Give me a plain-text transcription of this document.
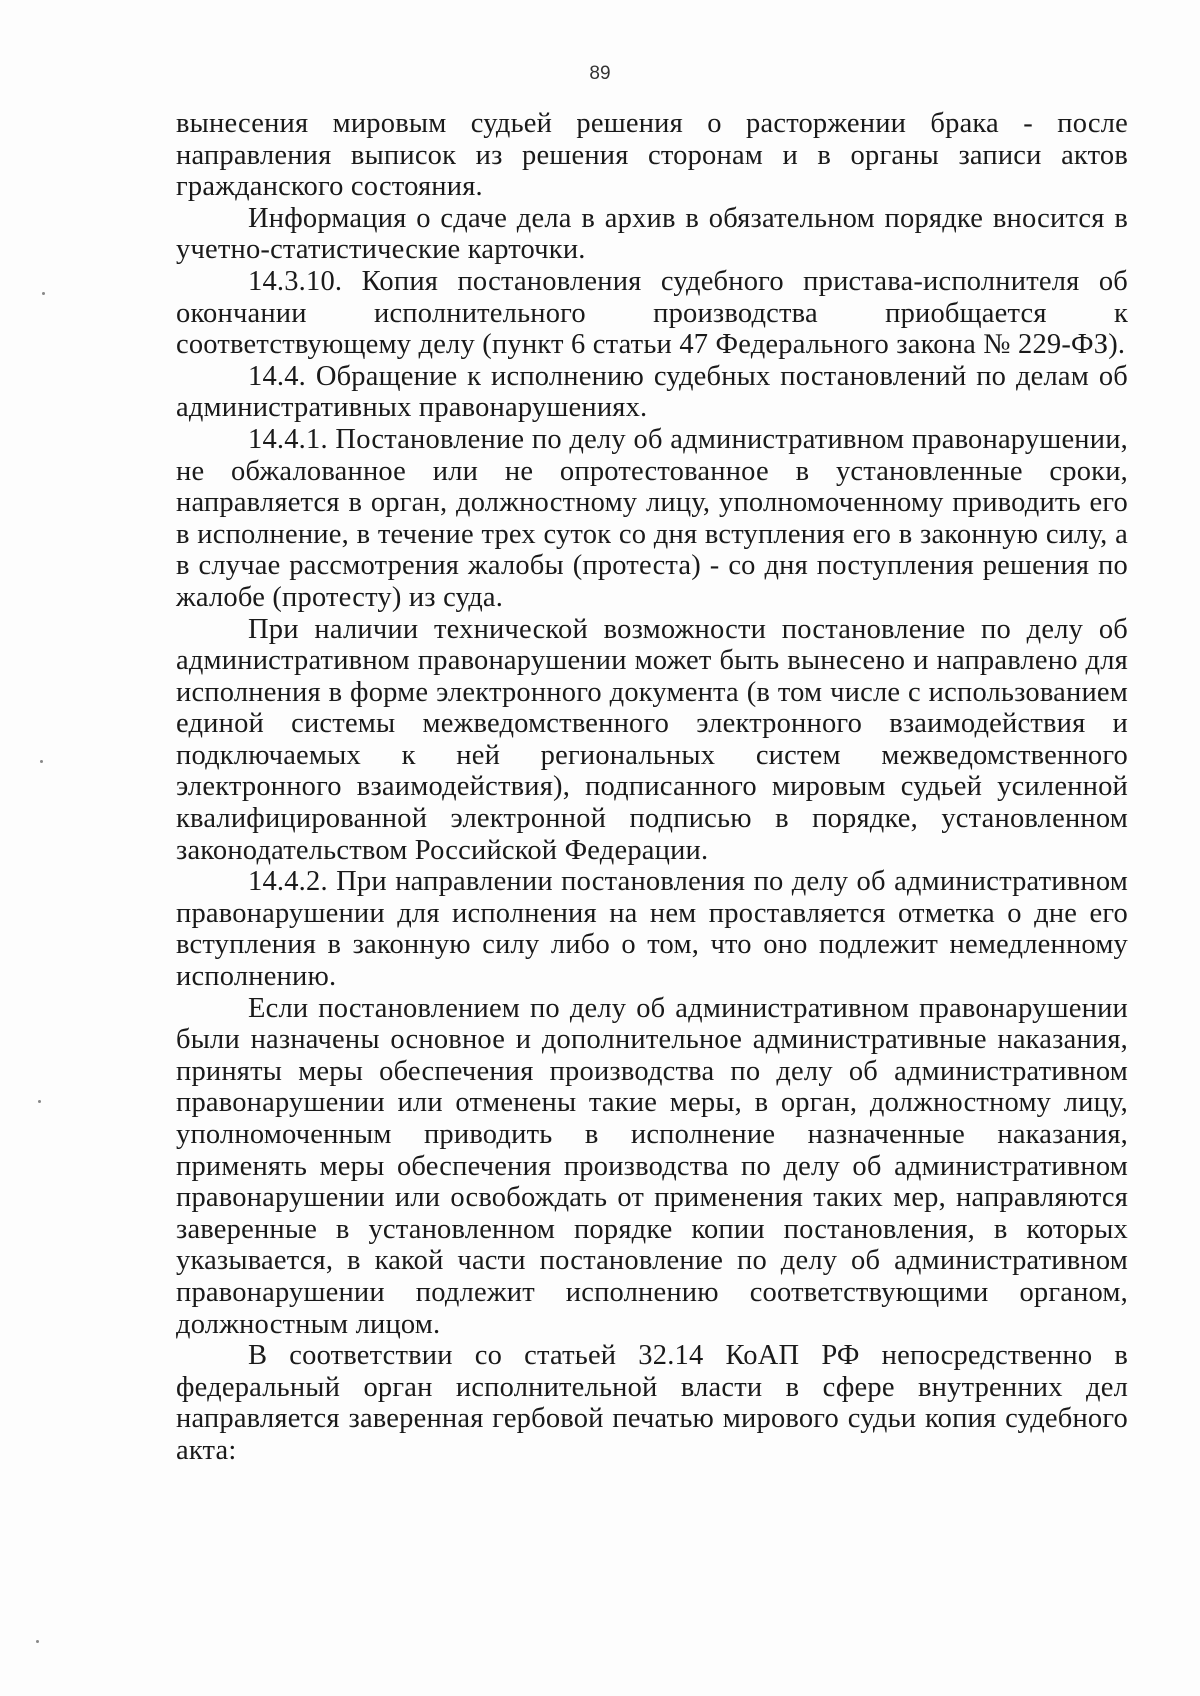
89

вынесения мировым судьей решения о расторжении брака - после направления выписок из решения сторонам и в органы записи актов гражданского состояния.

Информация о сдаче дела в архив в обязательном порядке вносится в учетно-статистические карточки.

14.3.10. Копия постановления судебного пристава-исполнителя об окончании исполнительного производства приобщается к соответствующему делу (пункт 6 статьи 47 Федерального закона № 229-ФЗ).

14.4. Обращение к исполнению судебных постановлений по делам об административных правонарушениях.

14.4.1. Постановление по делу об административном правонарушении, не обжалованное или не опротестованное в установленные сроки, направляется в орган, должностному лицу, уполномоченному приводить его в исполнение, в течение трех суток со дня вступления его в законную силу, а в случае рассмотрения жалобы (протеста) - со дня поступления решения по жалобе (протесту) из суда.

При наличии технической возможности постановление по делу об административном правонарушении может быть вынесено и направлено для исполнения в форме электронного документа (в том числе с использованием единой системы межведомственного электронного взаимодействия и подключаемых к ней региональных систем межведомственного электронного взаимодействия), подписанного мировым судьей усиленной квалифицированной электронной подписью в порядке, установленном законодательством Российской Федерации.

14.4.2. При направлении постановления по делу об административном правонарушении для исполнения на нем проставляется отметка о дне его вступления в законную силу либо о том, что оно подлежит немедленному исполнению.

Если постановлением по делу об административном правонарушении были назначены основное и дополнительное административные наказания, приняты меры обеспечения производства по делу об административном правонарушении или отменены такие меры, в орган, должностному лицу, уполномоченным приводить в исполнение назначенные наказания, применять меры обеспечения производства по делу об административном правонарушении или освобождать от применения таких мер, направляются заверенные в установленном порядке копии постановления, в которых указывается, в какой части постановление по делу об административном правонарушении подлежит исполнению соответствующими органом, должностным лицом.

В соответствии со статьей 32.14 КоАП РФ непосредственно в федеральный орган исполнительной власти в сфере внутренних дел направляется заверенная гербовой печатью мирового судьи копия судебного акта:
